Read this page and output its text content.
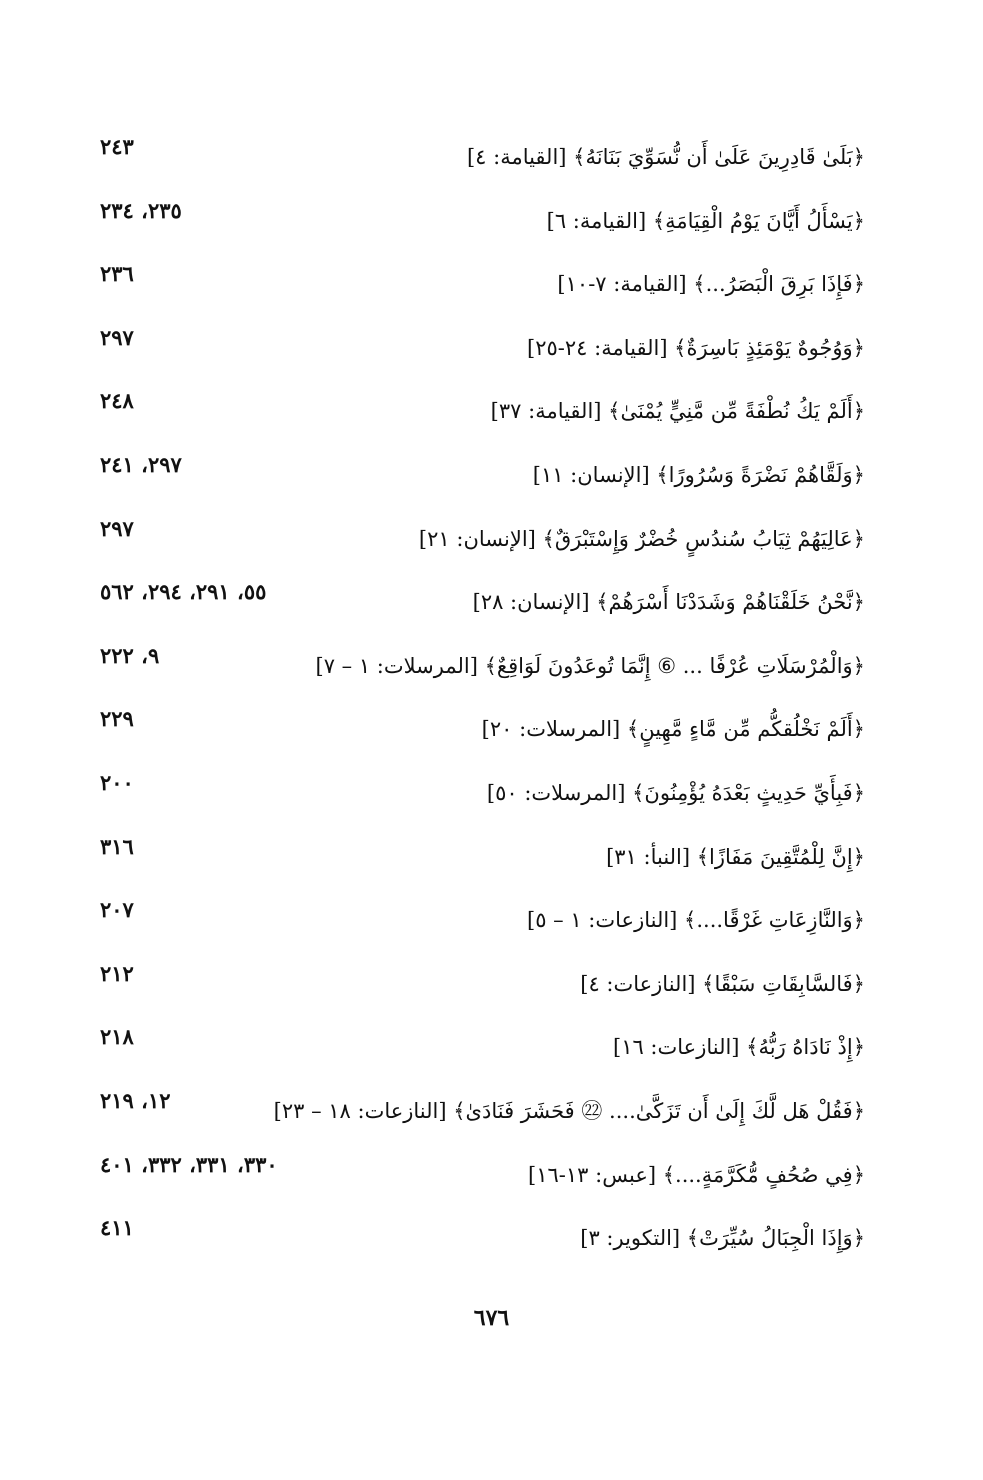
﴿بَلَىٰ قَادِرِينَ عَلَىٰ أَن نُّسَوِّيَ بَنَانَهُ﴾ [القيامة: ٤]
٢٤٣
﴿يَسْأَلُ أَيَّانَ يَوْمُ الْقِيَامَةِ﴾ [القيامة: ٦]
٢٣٥، ٢٣٤
﴿فَإِذَا بَرِقَ الْبَصَرُ...﴾ [القيامة: ٧-١٠]
٢٣٦
﴿وَوُجُوهٌ يَوْمَئِذٍ بَاسِرَةٌ﴾ [القيامة: ٢٤-٢٥]
٢٩٧
﴿أَلَمْ يَكُ نُطْفَةً مِّن مَّنِيٍّ يُمْنَىٰ﴾ [القيامة: ٣٧]
٢٤٨
﴿وَلَقَّاهُمْ نَضْرَةً وَسُرُورًا﴾ [الإنسان: ١١]
٢٩٧، ٢٤١
﴿عَالِيَهُمْ ثِيَابُ سُندُسٍ خُضْرٌ وَإِسْتَبْرَقٌ﴾ [الإنسان: ٢١]
٢٩٧
﴿نَّحْنُ خَلَقْنَاهُمْ وَشَدَدْنَا أَسْرَهُمْ﴾ [الإنسان: ٢٨]
٥٥، ٢٩١، ٢٩٤، ٥٦٢
﴿وَالْمُرْسَلَاتِ عُرْفًا ... ⑥ إِنَّمَا تُوعَدُونَ لَوَاقِعٌ﴾ [المرسلات: ١ – ٧]
٩، ٢٢٢
﴿أَلَمْ نَخْلُقكُّم مِّن مَّاءٍ مَّهِينٍ﴾ [المرسلات: ٢٠]
٢٢٩
﴿فَبِأَيِّ حَدِيثٍ بَعْدَهُ يُؤْمِنُونَ﴾ [المرسلات: ٥٠]
٢٠٠
﴿إِنَّ لِلْمُتَّقِينَ مَفَازًا﴾ [النبأ: ٣١]
٣١٦
﴿وَالنَّازِعَاتِ غَرْقًا....﴾ [النازعات: ١ – ٥]
٢٠٧
﴿فَالسَّابِقَاتِ سَبْقًا﴾ [النازعات: ٤]
٢١٢
﴿إِذْ نَادَاهُ رَبُّهُ﴾ [النازعات: ١٦]
٢١٨
﴿فَقُلْ هَل لَّكَ إِلَىٰ أَن تَزَكَّىٰ.... ㉒ فَحَشَرَ فَنَادَىٰ﴾ [النازعات: ١٨ – ٢٣]
١٢، ٢١٩
﴿فِي صُحُفٍ مُّكَرَّمَةٍ....﴾ [عبس: ١٣-١٦]
٣٣٠، ٣٣١، ٣٣٢، ٤٠١
﴿وَإِذَا الْجِبَالُ سُيِّرَتْ﴾ [التكوير: ٣]
٤١١
٦٧٦
